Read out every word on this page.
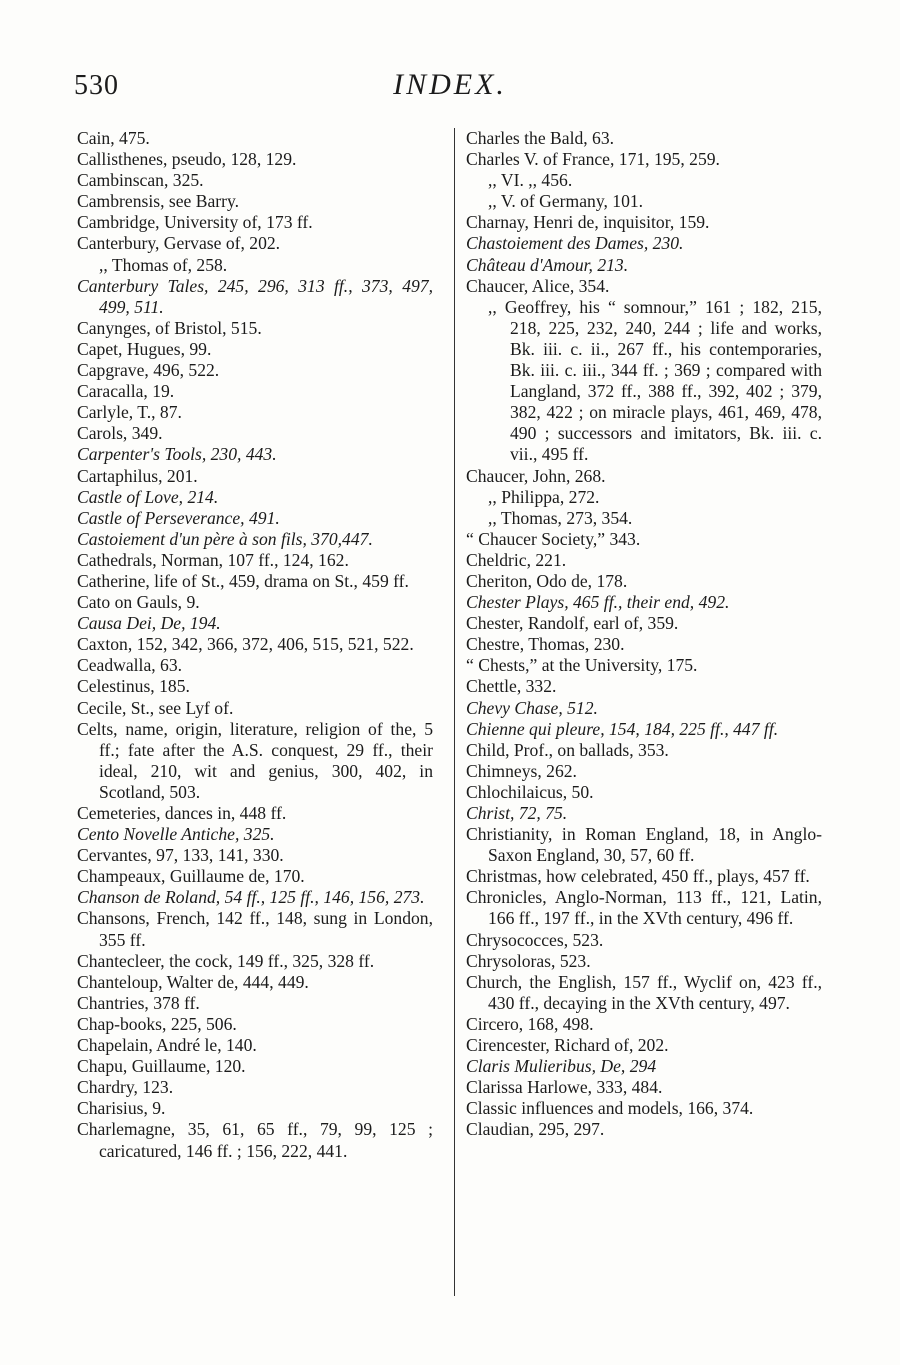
530	INDEX.

Cain, 475.

Callisthenes, pseudo, 128, 129.

Cambinscan, 325.

Cambrensis, see Barry.

Cambridge, University of, 173 ff.

Canterbury, Gervase of, 202.

,, Thomas of, 258.

Canterbury Tales, 245, 296, 313 ff., 373, 497, 499, 511.

Canynges, of Bristol, 515.

Capet, Hugues, 99.

Capgrave, 496, 522.

Caracalla, 19.

Carlyle, T., 87.

Carols, 349.

Carpenter's Tools, 230, 443.

Cartaphilus, 201.

Castle of Love, 214.

Castle of Perseverance, 491.

Castoiement d'un père à son fils, 370,447.

Cathedrals, Norman, 107 ff., 124, 162.

Catherine, life of St., 459, drama on St., 459 ff.

Cato on Gauls, 9.

Causa Dei, De, 194.

Caxton, 152, 342, 366, 372, 406, 515, 521, 522.

Ceadwalla, 63.

Celestinus, 185.

Cecile, St., see Lyf of.

Celts, name, origin, literature, religion of the, 5 ff.; fate after the A.S. conquest, 29 ff., their ideal, 210, wit and genius, 300, 402, in Scotland, 503.

Cemeteries, dances in, 448 ff.

Cento Novelle Antiche, 325.

Cervantes, 97, 133, 141, 330.

Champeaux, Guillaume de, 170.

Chanson de Roland, 54 ff., 125 ff., 146, 156, 273.

Chansons, French, 142 ff., 148, sung in London, 355 ff.

Chantecleer, the cock, 149 ff., 325, 328 ff.

Chanteloup, Walter de, 444, 449.

Chantries, 378 ff.

Chap-books, 225, 506.

Chapelain, André le, 140.

Chapu, Guillaume, 120.

Chardry, 123.

Charisius, 9.

Charlemagne, 35, 61, 65 ff., 79, 99, 125 ; caricatured, 146 ff. ; 156, 222, 441.

Charles the Bald, 63.

Charles V. of France, 171, 195, 259.

,, VI. ,, 456.

,, V. of Germany, 101.

Charnay, Henri de, inquisitor, 159.

Chastoiement des Dames, 230.

Château d'Amour, 213.

Chaucer, Alice, 354.

,, Geoffrey, his “ somnour,” 161 ; 182, 215, 218, 225, 232, 240, 244 ; life and works, Bk. iii. c. ii., 267 ff., his contemporaries, Bk. iii. c. iii., 344 ff. ; 369 ; compared with Langland, 372 ff., 388 ff., 392, 402 ; 379, 382, 422 ; on miracle plays, 461, 469, 478, 490 ; successors and imitators, Bk. iii. c. vii., 495 ff.

Chaucer, John, 268.

,, Philippa, 272.

,, Thomas, 273, 354.

“ Chaucer Society,” 343.

Cheldric, 221.

Cheriton, Odo de, 178.

Chester Plays, 465 ff., their end, 492.

Chester, Randolf, earl of, 359.

Chestre, Thomas, 230.

“ Chests,” at the University, 175.

Chettle, 332.

Chevy Chase, 512.

Chienne qui pleure, 154, 184, 225 ff., 447 ff.

Child, Prof., on ballads, 353.

Chimneys, 262.

Chlochilaicus, 50.

Christ, 72, 75.

Christianity, in Roman England, 18, in Anglo-Saxon England, 30, 57, 60 ff.

Christmas, how celebrated, 450 ff., plays, 457 ff.

Chronicles, Anglo-Norman, 113 ff., 121, Latin, 166 ff., 197 ff., in the XVth century, 496 ff.

Chrysococces, 523.

Chrysoloras, 523.

Church, the English, 157 ff., Wyclif on, 423 ff., 430 ff., decaying in the XVth century, 497.

Circero, 168, 498.

Cirencester, Richard of, 202.

Claris Mulieribus, De, 294

Clarissa Harlowe, 333, 484.

Classic influences and models, 166, 374.

Claudian, 295, 297.
